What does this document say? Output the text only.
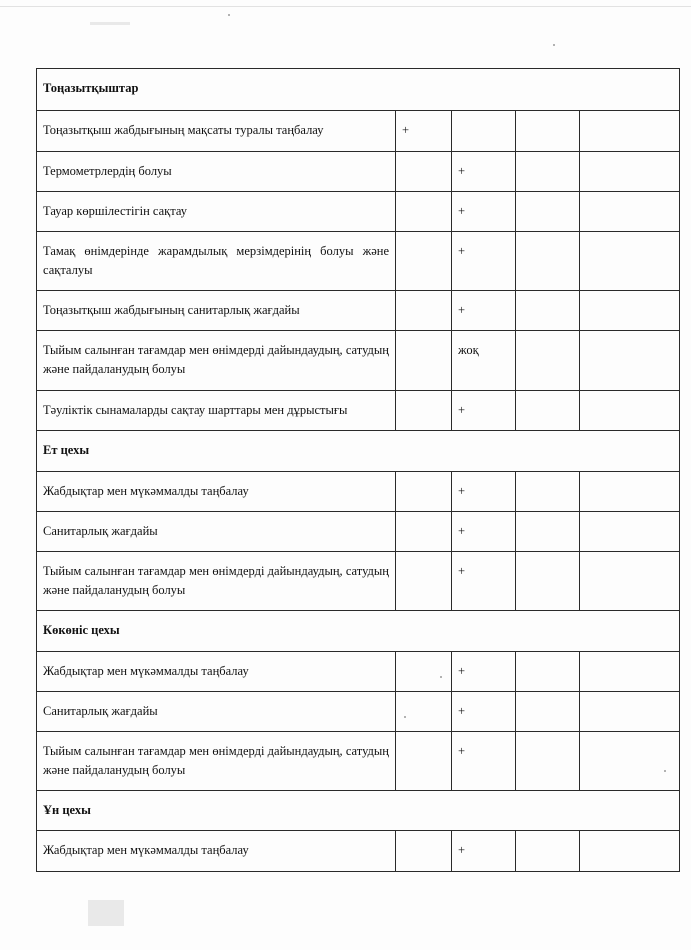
Тоңазытқыштар				
Тоңазытқыш жабдығының мақсаты туралы таңбалау	+			
Термометрлердің болуы		+		
Тауар көршілестігін сақтау		+		
Тамақ өнімдерінде жарамдылық мерзімдерінің болуы және сақталуы		+		
Тоңазытқыш жабдығының санитарлық жағдайы		+		
Тыйым салынған тағамдар мен өнімдерді дайындаудың, сатудың және пайдаланудың болуы		жоқ		
Тәуліктік сынамаларды сақтау шарттары мен дұрыстығы		+		
Ет цехы				
Жабдықтар мен мүкәммалды таңбалау		+		
Санитарлық жағдайы		+		
Тыйым салынған тағамдар мен өнімдерді дайындаудың, сатудың және пайдаланудың болуы		+		
Көкөніс цехы				
Жабдықтар мен мүкәммалды таңбалау		+		
Санитарлық жағдайы		+		
Тыйым салынған тағамдар мен өнімдерді дайындаудың, сатудың және пайдаланудың болуы		+		
Ұн цехы				
Жабдықтар мен мүкәммалды таңбалау		+		
